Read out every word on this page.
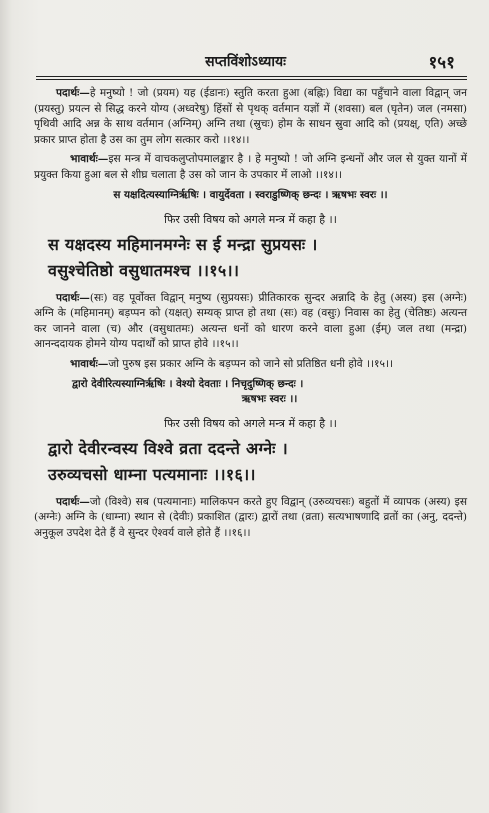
सप्तविंशोऽध्यायः	१५१

पदार्थः—हे मनुष्यो ! जो (प्रयम) यह (ईडानः) स्तुति करता हुआ (बह्निः) विद्या का पहुँचाने वाला विद्वान् जन (प्रयस्तु) प्रयत्न से सिद्ध करने योग्य (अध्वरेषु) हिंसों से पृथक् वर्तमान यज्ञों में (शवसा) बल (घृतेन) जल (नमसा) पृथिवी आदि अन्न के साथ वर्तमान (अग्निम्) अग्नि तथा (स्रुचः) होम के साधन स्रुवा आदि को (प्रयक्ष्, एति) अच्छे प्रकार प्राप्त होता है उस का तुम लोग सत्कार करो ।।१४।।

भावार्थः—इस मन्त्र में वाचकलुप्तोपमालङ्कार है । हे मनुष्यो ! जो अग्नि इन्धनों और जल से युक्त यानों में प्रयुक्त किया हुआ बल से शीघ्र चलाता है उस को जान के उपकार में लाओ ।।१४।।

स यक्षदित्यस्याग्निर्ऋषिः । वायुर्देवता । स्वराडुष्णिक् छन्दः । ऋषभः स्वरः ।।
फिर उसी विषय को अगले मन्त्र में कहा है ।।
स यक्षदस्य महिमानमग्नेः स ई मन्द्रा सुप्रयसः ।
वसुश्चेतिष्ठो वसुधातमश्च ।।१५।।

पदार्थः—(सः) वह पूर्वोक्त विद्वान् मनुष्य (सुप्रयसः) प्रीतिकारक सुन्दर अन्नादि के हेतु (अस्य) इस (अग्नेः) अग्नि के (महिमानम्) बड़प्पन को (यक्षत्) सम्यक् प्राप्त हो तथा (सः) वह (वसुः) निवास का हेतु (चेतिष्ठः) अत्यन्त कर जानने वाला (च) और (वसुधातमः) अत्यन्त धनों को धारण करने वाला हुआ (ईम्) जल तथा (मन्द्रा) आनन्ददायक होमने योग्य पदार्थों को प्राप्त होवे ।।१५।।

भावार्थः—जो पुरुष इस प्रकार अग्नि के बड़प्पन को जाने सो प्रतिष्ठित धनी होवे ।।१५।।

द्वारो देवीरित्यस्याग्निर्ऋषिः । वेश्यो देवताः । निचृदुष्णिक् छन्दः ।
ऋषभः स्वरः ।।
फिर उसी विषय को अगले मन्त्र में कहा है ।।
द्वारो देवीरन्वस्य विश्वे व्रता ददन्ते अग्नेः ।
उरुव्यचसो धाम्ना पत्यमानाः ।।१६।।

पदार्थः—जो (विश्वे) सब (पत्यमानाः) मालिकपन करते हुए विद्वान् (उरुव्यचसः) बहुतों में व्यापक (अस्य) इस (अग्नेः) अग्नि के (धाम्ना) स्थान से (देवीः) प्रकाशित (द्वारः) द्वारों तथा (व्रता) सत्यभाषणादि व्रतों का (अनु, ददन्ते) अनुकूल उपदेश देते हैं वे सुन्दर ऐश्वर्य वाले होते हैं ।।१६।।
